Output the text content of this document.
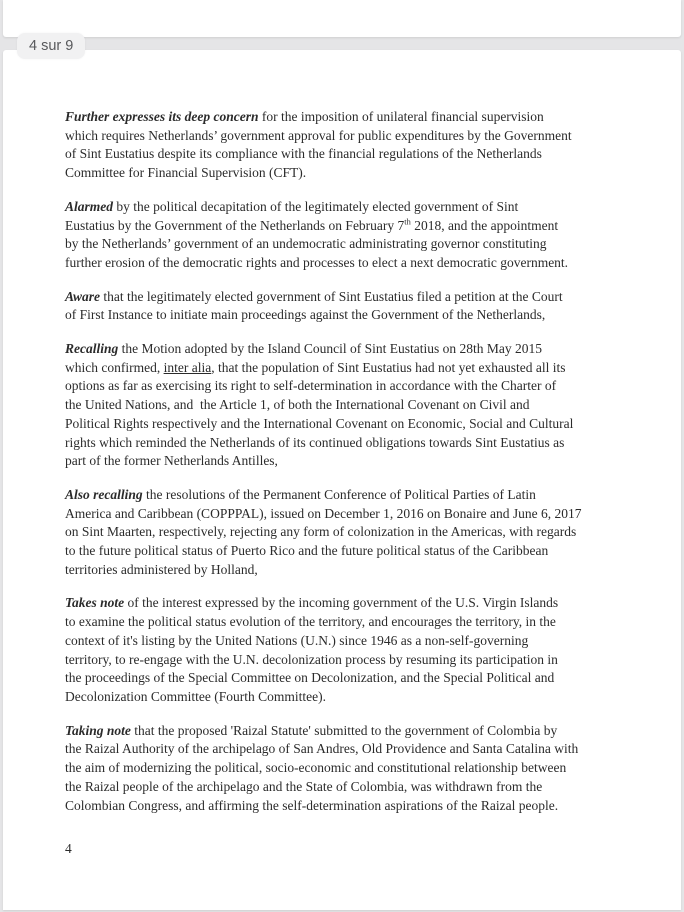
4 sur 9
Further expresses its deep concern for the imposition of unilateral financial supervision
which requires Netherlands’ government approval for public expenditures by the Government
of Sint Eustatius despite its compliance with the financial regulations of the Netherlands
Committee for Financial Supervision (CFT).
Alarmed by the political decapitation of the legitimately elected government of Sint
Eustatius by the Government of the Netherlands on February 7th 2018, and the appointment
by the Netherlands’ government of an undemocratic administrating governor constituting
further erosion of the democratic rights and processes to elect a next democratic government.
Aware that the legitimately elected government of Sint Eustatius filed a petition at the Court
of First Instance to initiate main proceedings against the Government of the Netherlands,
Recalling the Motion adopted by the Island Council of Sint Eustatius on 28th May 2015
which confirmed, inter alia, that the population of Sint Eustatius had not yet exhausted all its
options as far as exercising its right to self-determination in accordance with the Charter of
the United Nations, and  the Article 1, of both the International Covenant on Civil and
Political Rights respectively and the International Covenant on Economic, Social and Cultural
rights which reminded the Netherlands of its continued obligations towards Sint Eustatius as
part of the former Netherlands Antilles,
Also recalling the resolutions of the Permanent Conference of Political Parties of Latin
America and Caribbean (COPPPAL), issued on December 1, 2016 on Bonaire and June 6, 2017
on Sint Maarten, respectively, rejecting any form of colonization in the Americas, with regards
to the future political status of Puerto Rico and the future political status of the Caribbean
territories administered by Holland,
Takes note of the interest expressed by the incoming government of the U.S. Virgin Islands
to examine the political status evolution of the territory, and encourages the territory, in the
context of it's listing by the United Nations (U.N.) since 1946 as a non-self-governing
territory, to re-engage with the U.N. decolonization process by resuming its participation in
the proceedings of the Special Committee on Decolonization, and the Special Political and
Decolonization Committee (Fourth Committee).
Taking note that the proposed 'Raizal Statute' submitted to the government of Colombia by
the Raizal Authority of the archipelago of San Andres, Old Providence and Santa Catalina with
the aim of modernizing the political, socio-economic and constitutional relationship between
the Raizal people of the archipelago and the State of Colombia, was withdrawn from the
Colombian Congress, and affirming the self-determination aspirations of the Raizal people.
4
